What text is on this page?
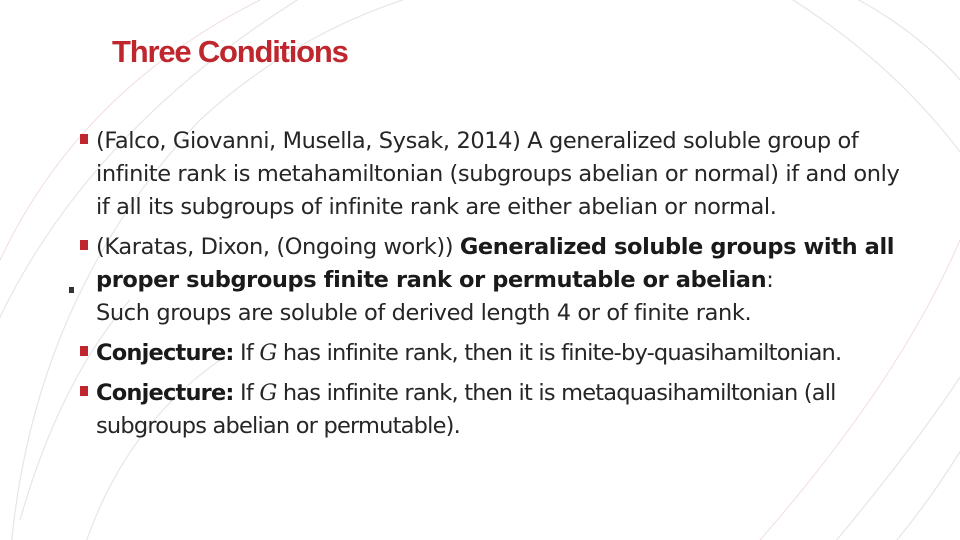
Three Conditions

(Falco, Giovanni, Musella, Sysak, 2014) A generalized soluble group of infinite rank is metahamiltonian (subgroups abelian or normal) if and only if all its subgroups of infinite rank are either abelian or normal.

(Karatas, Dixon, (Ongoing work)) Generalized soluble groups with all proper subgroups finite rank or permutable or abelian:
Such groups are soluble of derived length 4 or of finite rank.

Conjecture: If G has infinite rank, then it is finite-by-quasihamiltonian.

Conjecture: If G has infinite rank, then it is metaquasihamiltonian (all subgroups abelian or permutable).
